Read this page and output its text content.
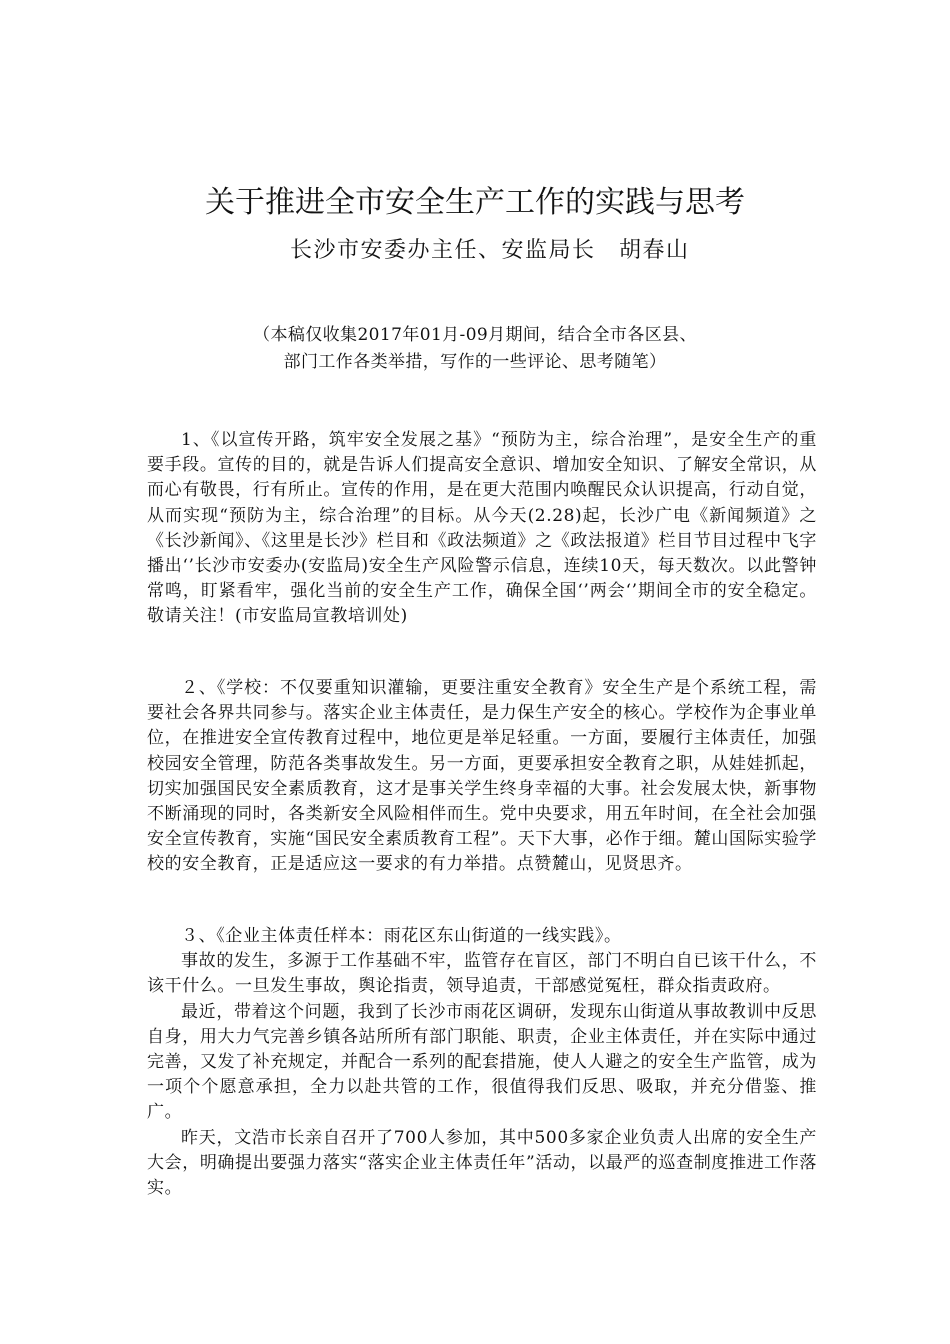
关于推进全市安全生产工作的实践与思考
长沙市安委办主任、安监局长　胡春山
（本稿仅收集2017年01月-09月期间，结合全市各区县、
部门工作各类举措，写作的一些评论、思考随笔）

1、《以宣传开路，筑牢安全发展之基》“预防为主，综合治理”，是安全生产的重要手段。宣传的目的，就是告诉人们提高安全意识、增加安全知识、了解安全常识，从而心有敬畏，行有所止。宣传的作用，是在更大范围内唤醒民众认识提高，行动自觉，从而实现“预防为主，综合治理”的目标。从今天(2.28)起，长沙广电《新闻频道》之《长沙新闻》、《这里是长沙》栏目和《政法频道》之《政法报道》栏目节目过程中飞字播出‘’长沙市安委办(安监局)安全生产风险警示信息，连续10天，每天数次。以此警钟常鸣，盯紧看牢，强化当前的安全生产工作，确保全国‘’两会‘’期间全市的安全稳定。敬请关注！(市安监局宣教培训处)

２、《学校：不仅要重知识灌输，更要注重安全教育》安全生产是个系统工程，需要社会各界共同参与。落实企业主体责任，是力保生产安全的核心。学校作为企事业单位，在推进安全宣传教育过程中，地位更是举足轻重。一方面，要履行主体责任，加强校园安全管理，防范各类事故发生。另一方面，更要承担安全教育之职，从娃娃抓起，切实加强国民安全素质教育，这才是事关学生终身幸福的大事。社会发展太快，新事物不断涌现的同时，各类新安全风险相伴而生。党中央要求，用五年时间，在全社会加强安全宣传教育，实施“国民安全素质教育工程”。天下大事，必作于细。麓山国际实验学校的安全教育，正是适应这一要求的有力举措。点赞麓山，见贤思齐。

３、《企业主体责任样本：雨花区东山街道的一线实践》。

事故的发生，多源于工作基础不牢，监管存在盲区，部门不明白自已该干什么，不该干什么。一旦发生事故，舆论指责，领导追责，干部感觉冤枉，群众指责政府。

最近，带着这个问题，我到了长沙市雨花区调研，发现东山街道从事故教训中反思自身，用大力气完善乡镇各站所所有部门职能、职责，企业主体责任，并在实际中通过完善，又发了补充规定，并配合一系列的配套措施，使人人避之的安全生产监管，成为一项个个愿意承担，全力以赴共管的工作，很值得我们反思、吸取，并充分借鉴、推广。

昨天，文浩市长亲自召开了700人参加，其中500多家企业负责人出席的安全生产大会，明确提出要强力落实“落实企业主体责任年”活动，以最严的巡查制度推进工作落实。
